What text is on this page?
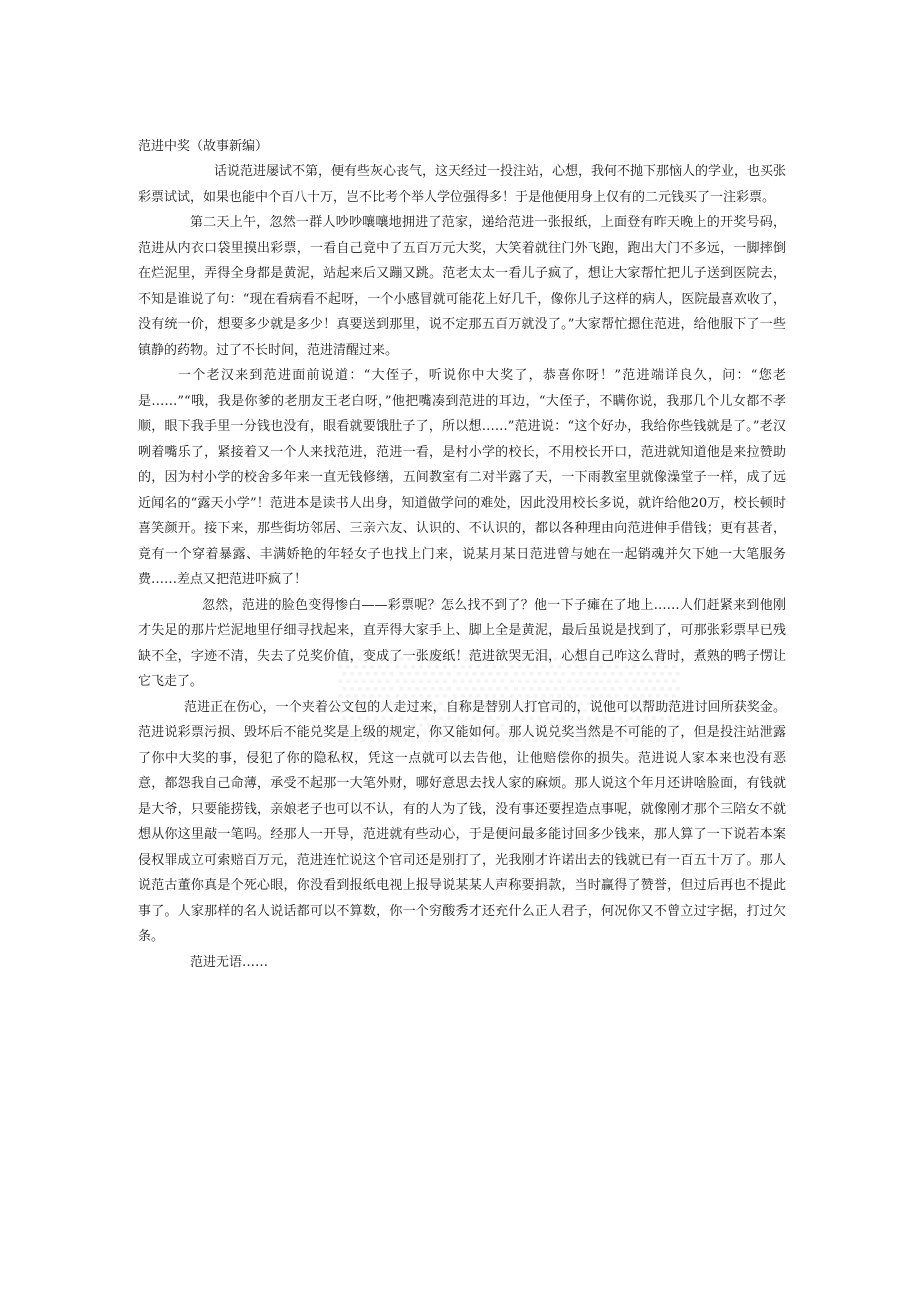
范进中奖（故事新编）

话说范进屡试不第，便有些灰心丧气，这天经过一投注站，心想，我何不抛下那恼人的学业，也买张彩票试试，如果也能中个百八十万，岂不比考个举人学位强得多！于是他便用身上仅有的二元钱买了一注彩票。

第二天上午，忽然一群人吵吵嚷嚷地拥进了范家，递给范进一张报纸，上面登有昨天晚上的开奖号码，范进从内衣口袋里摸出彩票，一看自己竟中了五百万元大奖，大笑着就往门外飞跑，跑出大门不多远，一脚摔倒在烂泥里，弄得全身都是黄泥，站起来后又蹦又跳。范老太太一看儿子疯了，想让大家帮忙把儿子送到医院去，不知是谁说了句：“现在看病看不起呀，一个小感冒就可能花上好几千，像你儿子这样的病人，医院最喜欢收了，没有统一价，想要多少就是多少！真要送到那里，说不定那五百万就没了。”大家帮忙摁住范进，给他服下了一些镇静的药物。过了不长时间，范进清醒过来。

一个老汉来到范进面前说道：“大侄子，听说你中大奖了，恭喜你呀！”范进端详良久，问：“您老是……”“哦，我是你爹的老朋友王老白呀，”他把嘴凑到范进的耳边，“大侄子，不瞒你说，我那几个儿女都不孝顺，眼下我手里一分钱也没有，眼看就要饿肚子了，所以想……”范进说：“这个好办，我给你些钱就是了。”老汉咧着嘴乐了，紧接着又一个人来找范进，范进一看，是村小学的校长，不用校长开口，范进就知道他是来拉赞助的，因为村小学的校舍多年来一直无钱修缮，五间教室有二对半露了天，一下雨教室里就像澡堂子一样，成了远近闻名的“露天小学”！范进本是读书人出身，知道做学问的难处，因此没用校长多说，就许给他20万，校长顿时喜笑颜开。接下来，那些街坊邻居、三亲六友、认识的、不认识的，都以各种理由向范进伸手借钱；更有甚者，竟有一个穿着暴露、丰满娇艳的年轻女子也找上门来，说某月某日范进曾与她在一起销魂并欠下她一大笔服务费……差点又把范进吓疯了！

忽然，范进的脸色变得惨白——彩票呢？怎么找不到了？他一下子瘫在了地上……人们赶紧来到他刚才失足的那片烂泥地里仔细寻找起来，直弄得大家手上、脚上全是黄泥，最后虽说是找到了，可那张彩票早已残缺不全，字迹不清，失去了兑奖价值，变成了一张废纸！范进欲哭无泪，心想自己咋这么背时，煮熟的鸭子愣让它飞走了。

范进正在伤心，一个夹着公文包的人走过来，自称是替别人打官司的，说他可以帮助范进讨回所获奖金。范进说彩票污损、毁坏后不能兑奖是上级的规定，你又能如何。那人说兑奖当然是不可能的了，但是投注站泄露了你中大奖的事，侵犯了你的隐私权，凭这一点就可以去告他，让他赔偿你的损失。范进说人家本来也没有恶意，都怨我自己命薄，承受不起那一大笔外财，哪好意思去找人家的麻烦。那人说这个年月还讲啥脸面，有钱就是大爷，只要能捞钱，亲娘老子也可以不认，有的人为了钱，没有事还要捏造点事呢，就像刚才那个三陪女不就想从你这里敲一笔吗。经那人一开导，范进就有些动心，于是便问最多能讨回多少钱来，那人算了一下说若本案侵权罪成立可索赔百万元，范进连忙说这个官司还是别打了，光我刚才许诺出去的钱就已有一百五十万了。那人说范古董你真是个死心眼，你没看到报纸电视上报导说某某人声称要捐款，当时赢得了赞誉，但过后再也不提此事了。人家那样的名人说话都可以不算数，你一个穷酸秀才还充什么正人君子，何况你又不曾立过字据，打过欠条。

范进无语……
